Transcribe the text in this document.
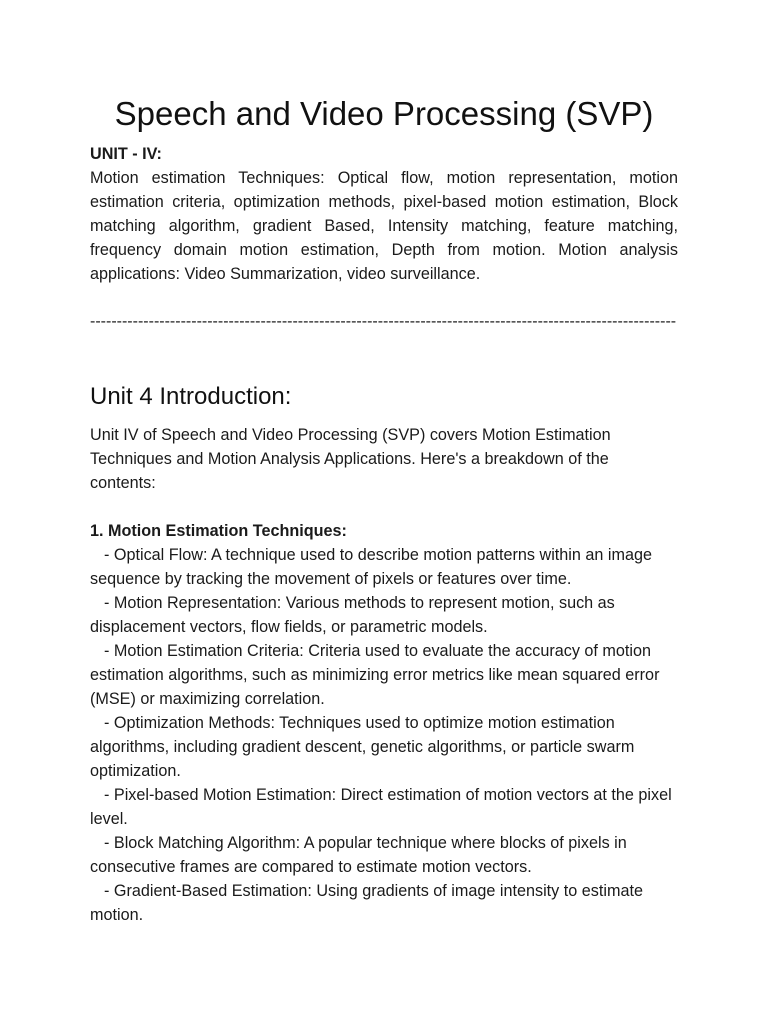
Speech and Video Processing (SVP)
UNIT - IV:
Motion estimation Techniques: Optical flow, motion representation, motion estimation criteria, optimization methods, pixel-based motion estimation, Block matching algorithm, gradient Based, Intensity matching, feature matching, frequency domain motion estimation, Depth from motion. Motion analysis applications: Video Summarization, video surveillance.
--------------------------------------------------------------------------------------------------------------
Unit 4 Introduction:
Unit IV of Speech and Video Processing (SVP) covers Motion Estimation Techniques and Motion Analysis Applications. Here's a breakdown of the contents:
1. Motion Estimation Techniques:
- Optical Flow: A technique used to describe motion patterns within an image sequence by tracking the movement of pixels or features over time.
- Motion Representation: Various methods to represent motion, such as displacement vectors, flow fields, or parametric models.
- Motion Estimation Criteria: Criteria used to evaluate the accuracy of motion estimation algorithms, such as minimizing error metrics like mean squared error (MSE) or maximizing correlation.
- Optimization Methods: Techniques used to optimize motion estimation algorithms, including gradient descent, genetic algorithms, or particle swarm optimization.
- Pixel-based Motion Estimation: Direct estimation of motion vectors at the pixel level.
- Block Matching Algorithm: A popular technique where blocks of pixels in consecutive frames are compared to estimate motion vectors.
- Gradient-Based Estimation: Using gradients of image intensity to estimate motion.
